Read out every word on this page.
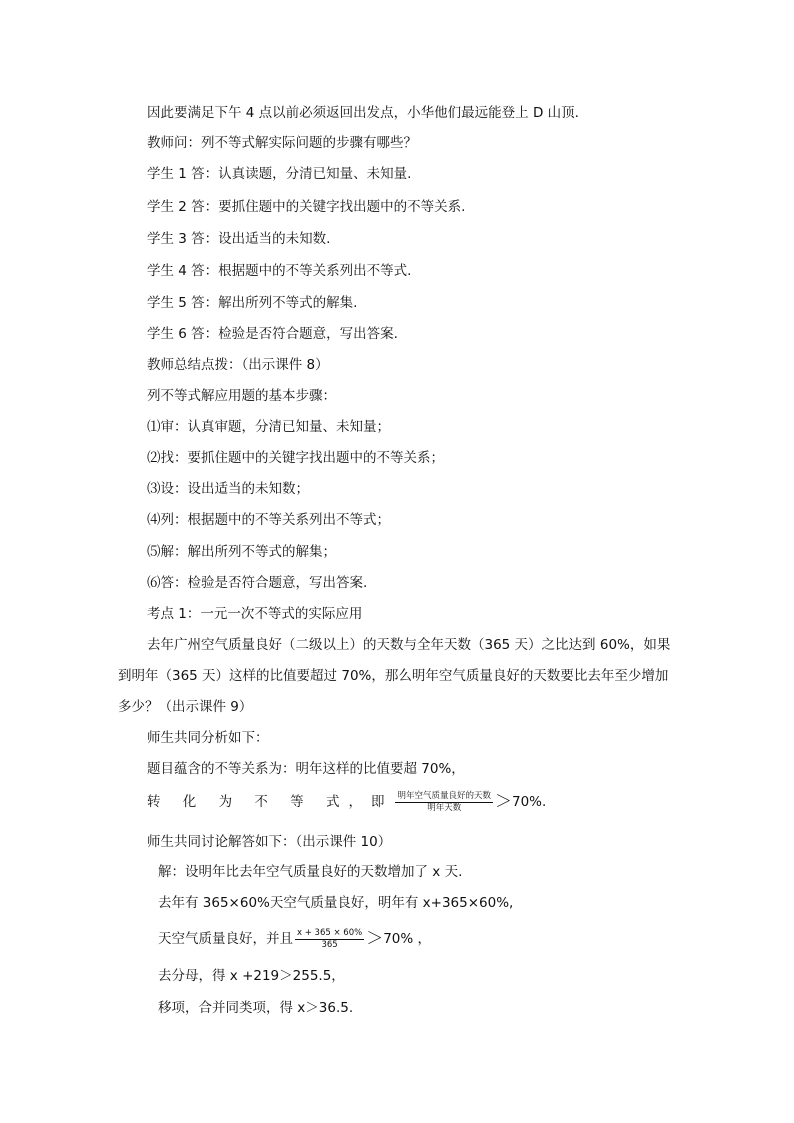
因此要满足下午 4 点以前必须返回出发点，小华他们最远能登上 D 山顶.
教师问：列不等式解实际问题的步骤有哪些？
学生 1 答：认真读题，分清已知量、未知量.
学生 2 答：要抓住题中的关键字找出题中的不等关系.
学生 3 答：设出适当的未知数.
学生 4 答：根据题中的不等关系列出不等式.
学生 5 答：解出所列不等式的解集.
学生 6 答：检验是否符合题意，写出答案.
教师总结点拨：（出示课件 8）
列不等式解应用题的基本步骤：
⑴审：认真审题，分清已知量、未知量；
⑵找：要抓住题中的关键字找出题中的不等关系；
⑶设：设出适当的未知数；
⑷列：根据题中的不等关系列出不等式；
⑸解：解出所列不等式的解集；
⑹答：检验是否符合题意，写出答案.
考点 1：一元一次不等式的实际应用
去年广州空气质量良好（二级以上）的天数与全年天数（365 天）之比达到 60%，如果
到明年（365 天）这样的比值要超过 70%，那么明年空气质量良好的天数要比去年至少增加
多少？（出示课件 9）
师生共同分析如下：
题目蕴含的不等关系为：明年这样的比值要超 70%，
转 化 为 不 等 式，即 $\frac{\text{明年空气质量良好的天数}}{\text{明年天数}} >70\%$.
师生共同讨论解答如下：（出示课件 10）
解：设明年比去年空气质量良好的天数增加了 x 天.
去年有 365×60%天空气质量良好，明年有 x+365×60%,
天空气质量良好，并且 $\frac{x + 365 \times 60\%}{365} >70\%$ ，
去分母，得 x +219＞255.5，
移项，合并同类项，得 x＞36.5.
